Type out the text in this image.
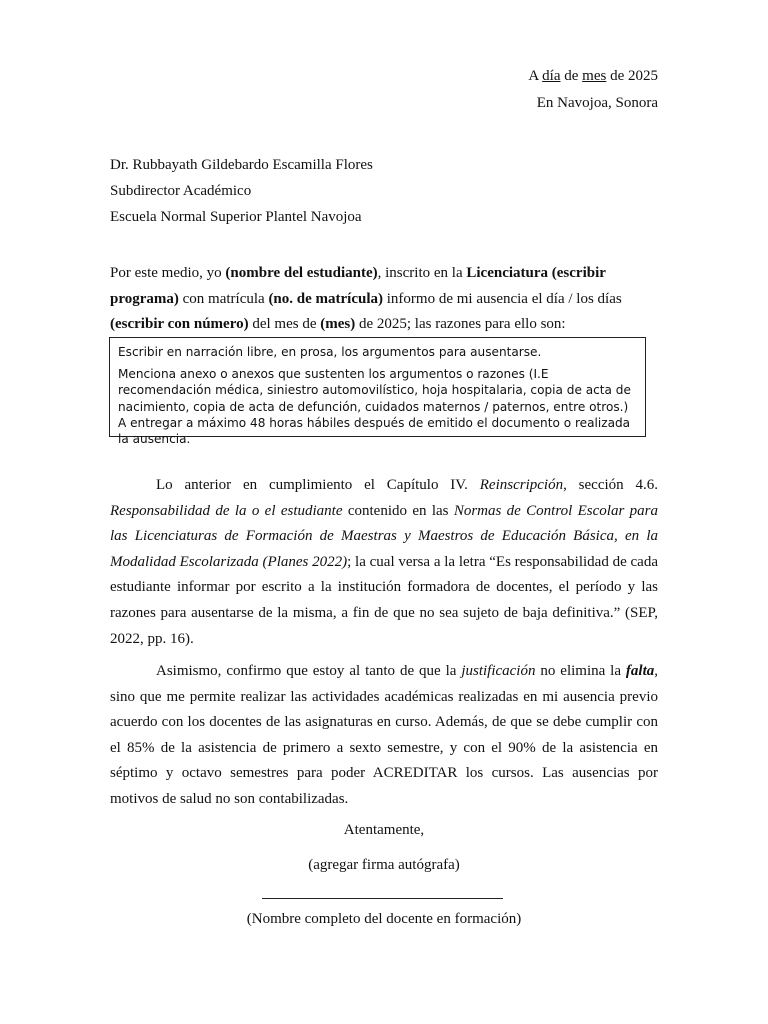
A día de mes de 2025
En Navojoa, Sonora
Dr. Rubbayath Gildebardo Escamilla Flores
Subdirector Académico
Escuela Normal Superior Plantel Navojoa
Por este medio, yo (nombre del estudiante), inscrito en la Licenciatura (escribir programa) con matrícula (no. de matrícula) informo de mi ausencia el día / los días (escribir con número) del mes de (mes) de 2025; las razones para ello son:

Escribir en narración libre, en prosa, los argumentos para ausentarse.

Menciona anexo o anexos que sustenten los argumentos o razones (I.E recomendación médica, siniestro automovilístico, hoja hospitalaria, copia de acta de nacimiento, copia de acta de defunción, cuidados maternos / paternos, entre otros.) A entregar a máximo 48 horas hábiles después de emitido el documento o realizada la ausencia.

Lo anterior en cumplimiento el Capítulo IV. Reinscripción, sección 4.6. Responsabilidad de la o el estudiante contenido en las Normas de Control Escolar para las Licenciaturas de Formación de Maestras y Maestros de Educación Básica, en la Modalidad Escolarizada (Planes 2022); la cual versa a la letra “Es responsabilidad de cada estudiante informar por escrito a la institución formadora de docentes, el período y las razones para ausentarse de la misma, a fin de que no sea sujeto de baja definitiva.” (SEP, 2022, pp. 16).

Asimismo, confirmo que estoy al tanto de que la justificación no elimina la falta, sino que me permite realizar las actividades académicas realizadas en mi ausencia previo acuerdo con los docentes de las asignaturas en curso. Además, de que se debe cumplir con el 85% de la asistencia de primero a sexto semestre, y con el 90% de la asistencia en séptimo y octavo semestres para poder ACREDITAR los cursos. Las ausencias por motivos de salud no son contabilizadas.

Atentamente,
(agregar firma autógrafa)
(Nombre completo del docente en formación)
